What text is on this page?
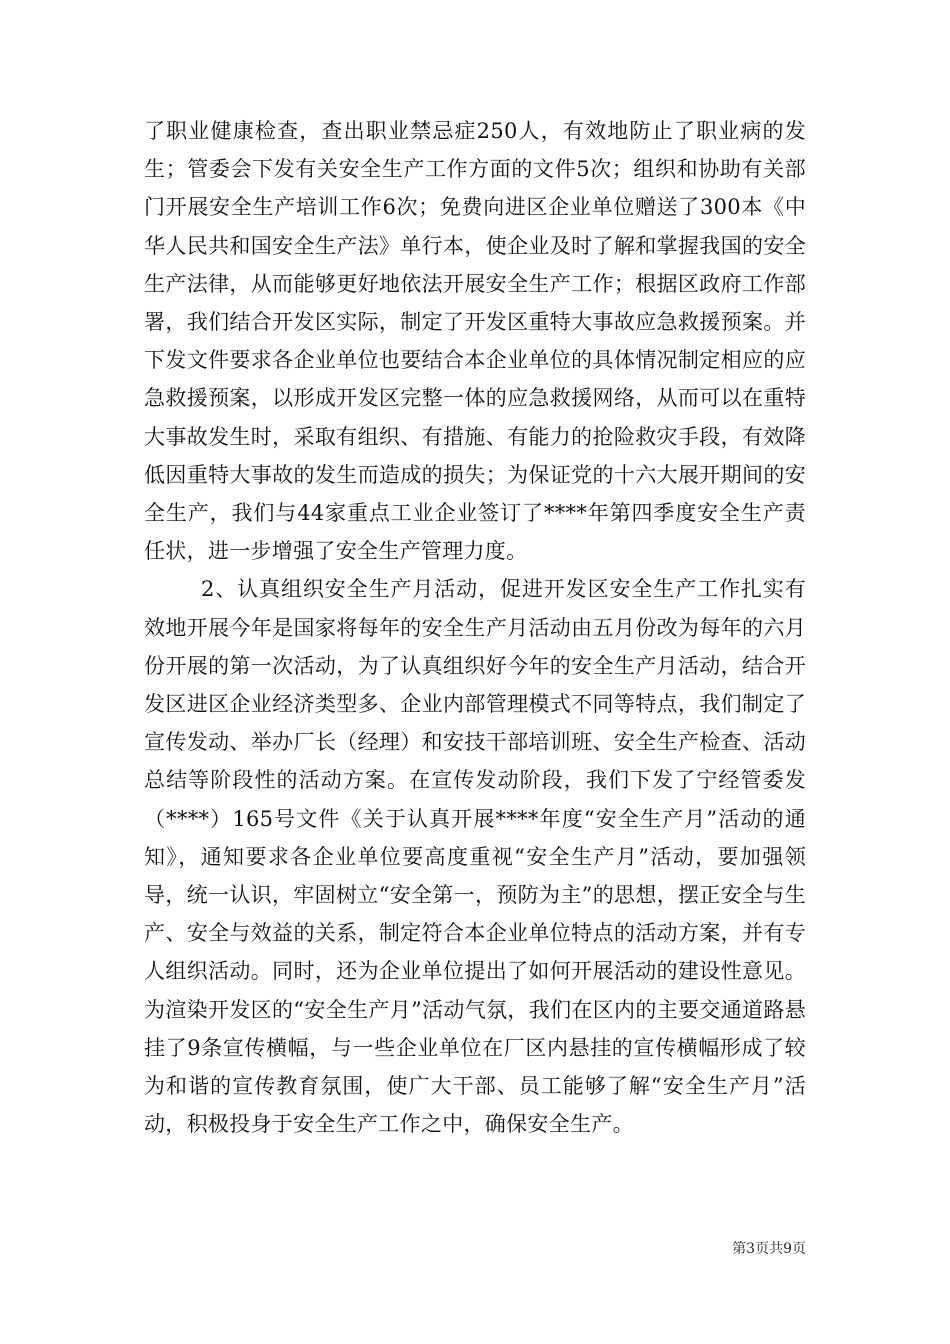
了职业健康检查，查出职业禁忌症250人，有效地防止了职业病的发生；管委会下发有关安全生产工作方面的文件5次；组织和协助有关部门开展安全生产培训工作6次；免费向进区企业单位赠送了300本《中华人民共和国安全生产法》单行本，使企业及时了解和掌握我国的安全生产法律，从而能够更好地依法开展安全生产工作；根据区政府工作部署，我们结合开发区实际，制定了开发区重特大事故应急救援预案。并下发文件要求各企业单位也要结合本企业单位的具体情况制定相应的应急救援预案，以形成开发区完整一体的应急救援网络，从而可以在重特大事故发生时，采取有组织、有措施、有能力的抢险救灾手段，有效降低因重特大事故的发生而造成的损失；为保证党的十六大展开期间的安全生产，我们与44家重点工业企业签订了****年第四季度安全生产责任状，进一步增强了安全生产管理力度。

2、认真组织安全生产月活动，促进开发区安全生产工作扎实有效地开展今年是国家将每年的安全生产月活动由五月份改为每年的六月份开展的第一次活动，为了认真组织好今年的安全生产月活动，结合开发区进区企业经济类型多、企业内部管理模式不同等特点，我们制定了宣传发动、举办厂长（经理）和安技干部培训班、安全生产检查、活动总结等阶段性的活动方案。在宣传发动阶段，我们下发了宁经管委发（****）165号文件《关于认真开展****年度“安全生产月”活动的通知》，通知要求各企业单位要高度重视“安全生产月”活动，要加强领导，统一认识，牢固树立“安全第一，预防为主”的思想，摆正安全与生产、安全与效益的关系，制定符合本企业单位特点的活动方案，并有专人组织活动。同时，还为企业单位提出了如何开展活动的建设性意见。为渲染开发区的“安全生产月”活动气氛，我们在区内的主要交通道路悬挂了9条宣传横幅，与一些企业单位在厂区内悬挂的宣传横幅形成了较为和谐的宣传教育氛围，使广大干部、员工能够了解“安全生产月”活动，积极投身于安全生产工作之中，确保安全生产。

第3页共9页
